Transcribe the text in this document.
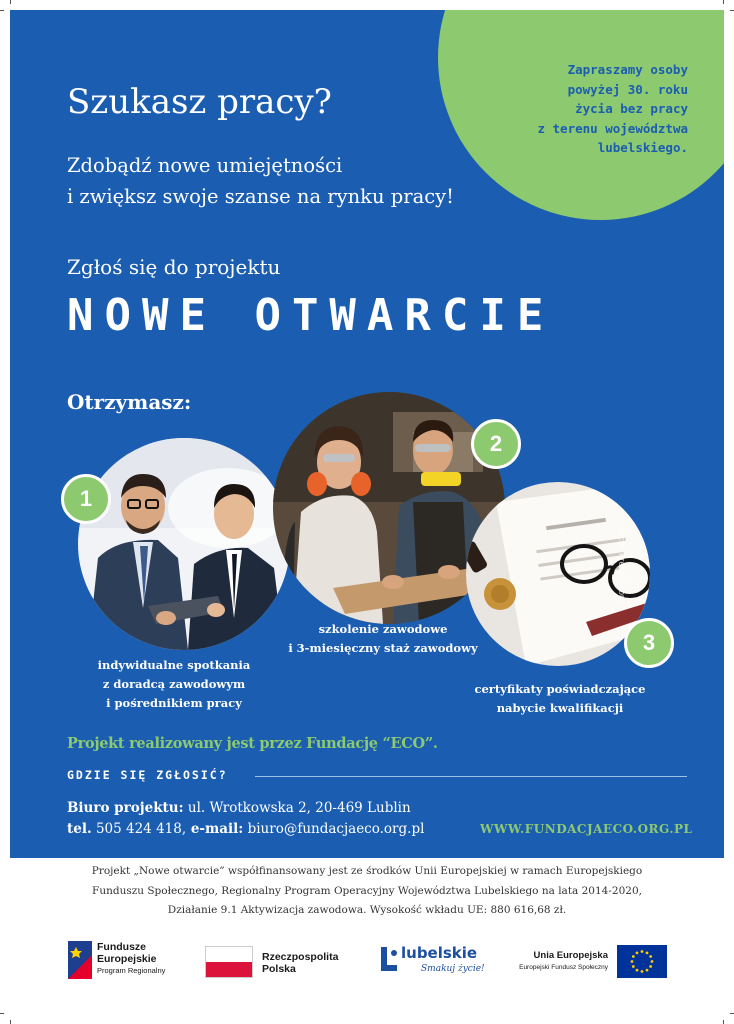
Zapraszamy osoby
powyżej 30. roku
życia bez pracy
z terenu województwa
lubelskiego.
Szukasz pracy?
Zdobądź nowe umiejętności
i zwiększ swoje szanse na rynku pracy!
Zgłoś się do projektu
NOWE OTWARCIE
Otrzymasz:
1
2
3
zdjęcia: Freepik.com
indywidualne spotkania
z doradcą zawodowym
i pośrednikiem pracy
szkolenie zawodowe
i 3-miesięczny staż zawodowy
certyfikaty poświadczające
nabycie kwalifikacji
Projekt realizowany jest przez Fundację “ECO”.
GDZIE SIĘ ZGŁOSIĆ?
Biuro projektu: ul. Wrotkowska 2, 20-469 Lublin
tel. 505 424 418, e-mail: biuro@fundacjaeco.org.pl	WWW.FUNDACJAECO.ORG.PL
Projekt „Nowe otwarcie” współfinansowany jest ze środków Unii Europejskiej w ramach Europejskiego
Funduszu Społecznego, Regionalny Program Operacyjny Województwa Lubelskiego na lata 2014-2020,
Działanie 9.1 Aktywizacja zawodowa. Wysokość wkładu UE: 880 616,68 zł.
Fundusze
Europejskie
Program Regionalny
Rzeczpospolita
Polska
lubelskie
Smakuj życie!
Unia Europejska
Europejski Fundusz Społeczny
